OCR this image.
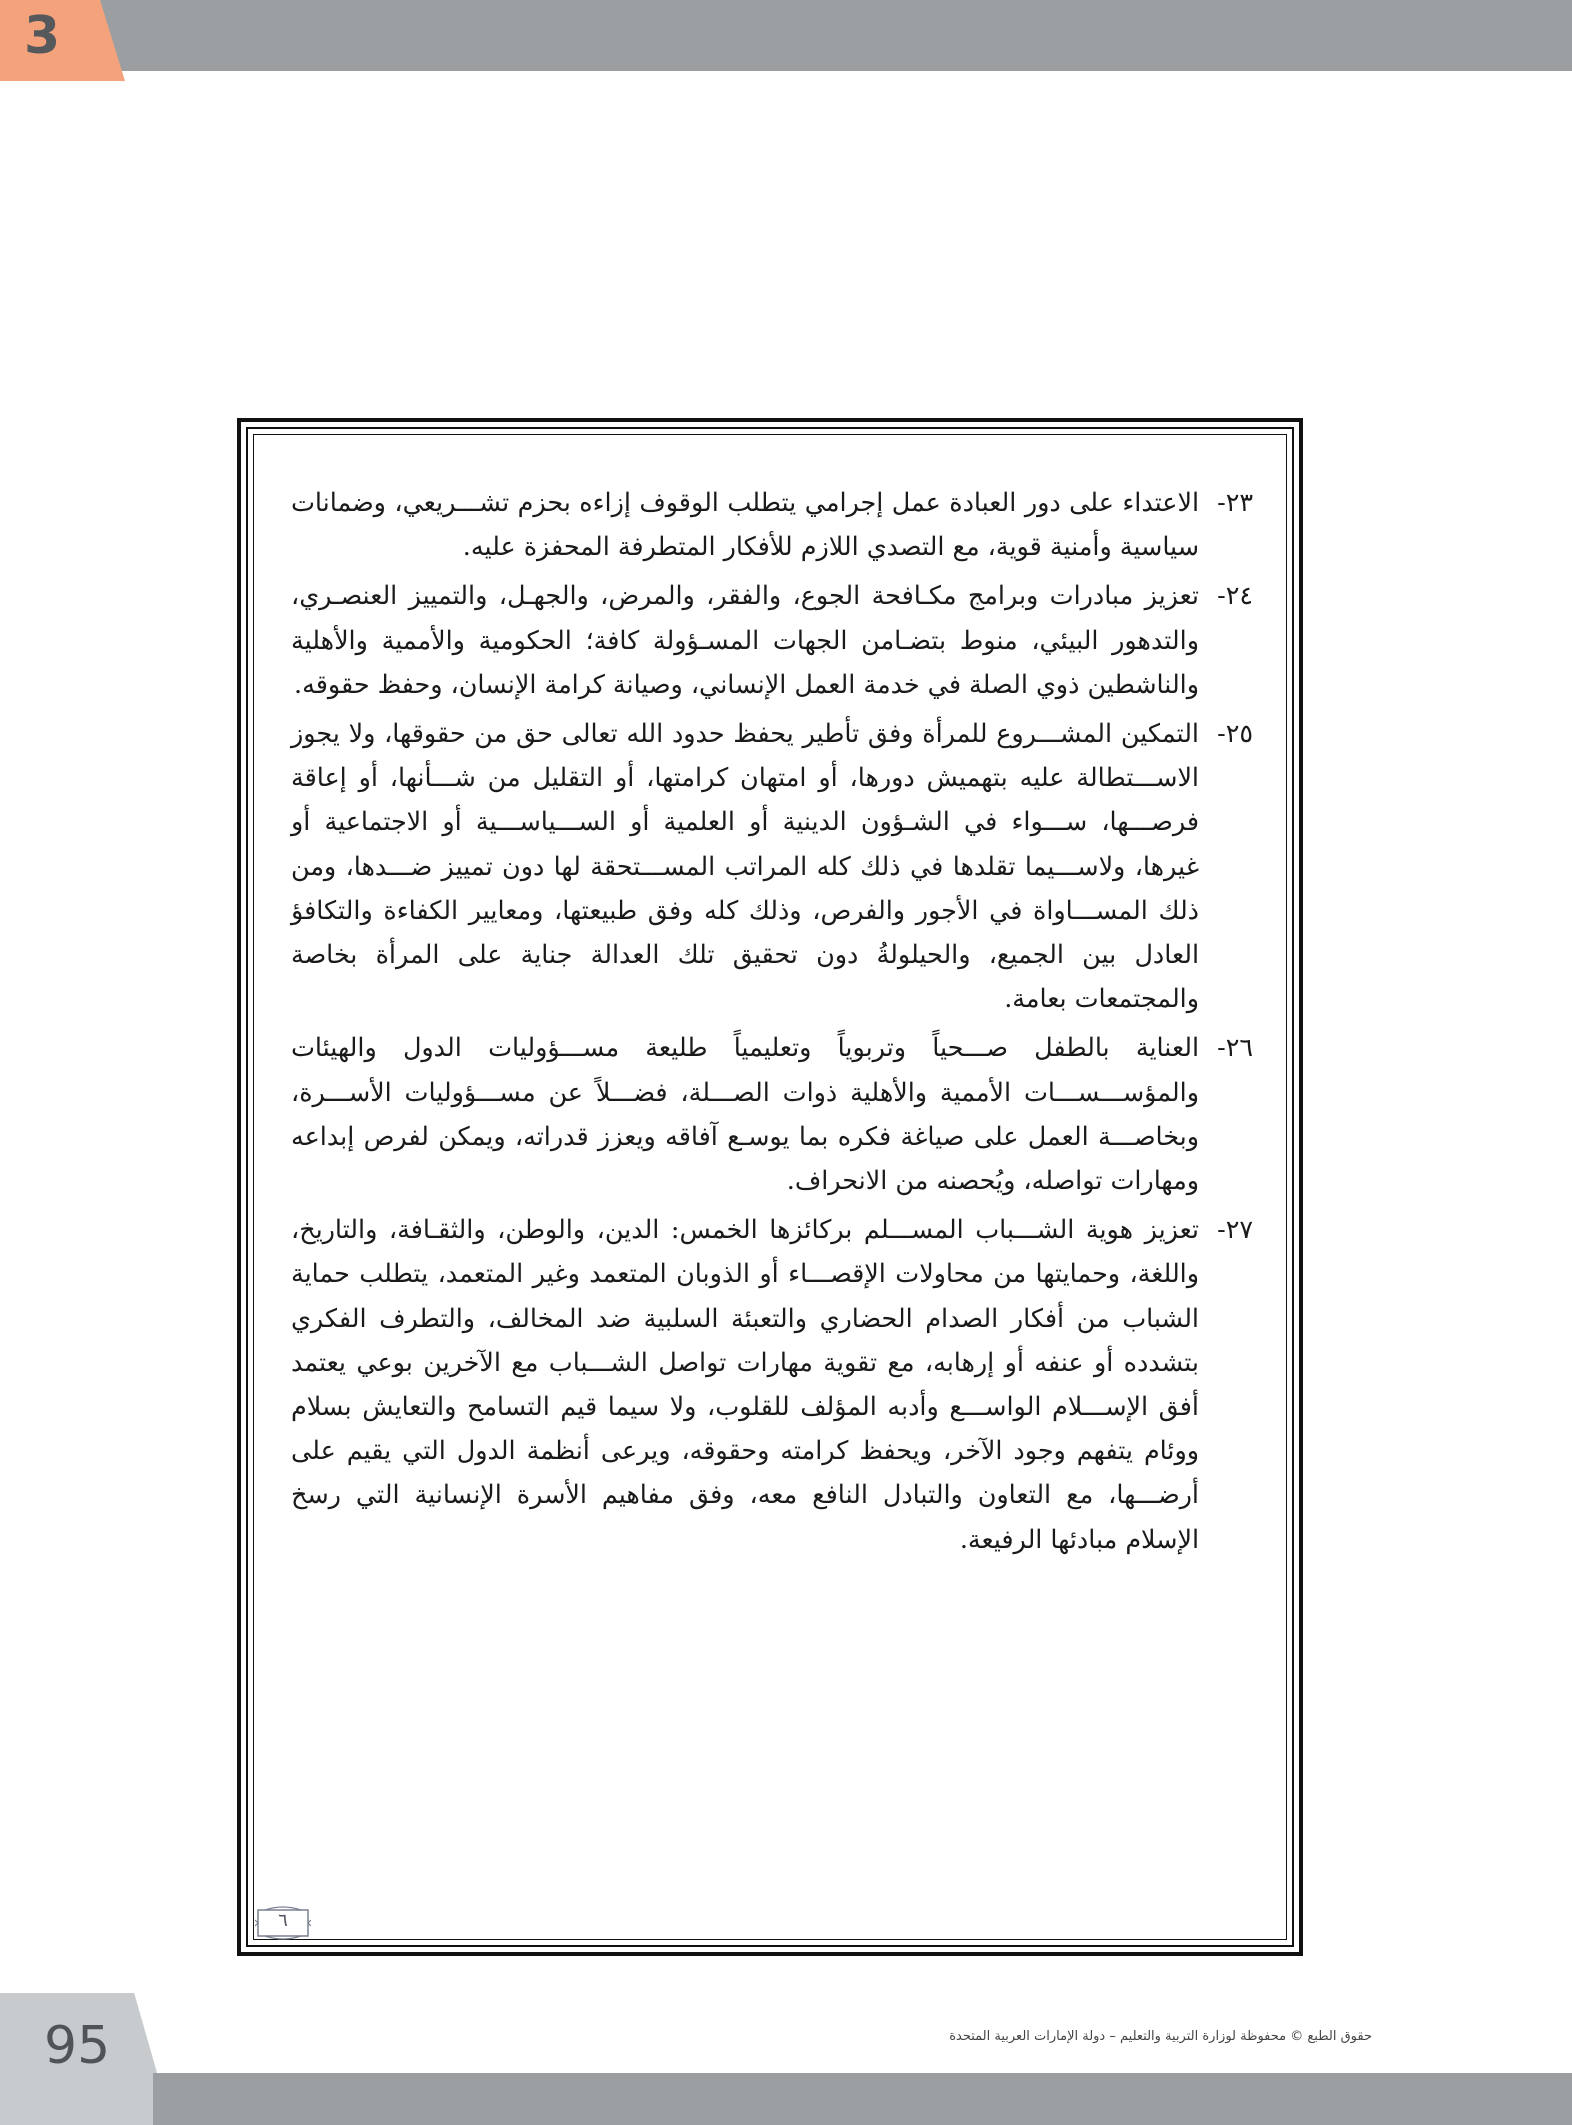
3
٢٣-
الاعتداء على دور العبادة عمل إجرامي يتطلب الوقوف إزاءه بحزم تشـــريعي، وضمانات سياسية وأمنية قوية، مع التصدي اللازم للأفكار المتطرفة المحفزة عليه.
٢٤-
تعزيز مبادرات وبرامج مكـافحة الجوع، والفقر، والمرض، والجهـل، والتمييز العنصـري، والتدهور البيئي، منوط بتضـامن الجهات المسـؤولة كافة؛ الحكومية والأممية والأهلية والناشطين ذوي الصلة في خدمة العمل الإنساني، وصيانة كرامة الإنسان، وحفظ حقوقه.
٢٥-
التمكين المشـــروع للمرأة وفق تأطير يحفظ حدود الله تعالى حق من حقوقها، ولا يجوز الاســـتطالة عليه بتهميش دورها، أو امتهان كرامتها، أو التقليل من شـــأنها، أو إعاقة فرصـــها، ســـواء في الشـؤون الدينية أو العلمية أو الســـياســـية أو الاجتماعية أو غيرها، ولاســـيما تقلدها في ذلك كله المراتب المســـتحقة لها دون تمييز ضـــدها، ومن ذلك المســـاواة في الأجور والفرص، وذلك كله وفق طبيعتها، ومعايير الكفاءة والتكافؤ العادل بين الجميع، والحيلولةُ دون تحقيق تلك العدالة جناية على المرأة بخاصة والمجتمعات بعامة.
٢٦-
العناية بالطفل صـــحياً وتربوياً وتعليمياً طليعة مســـؤوليات الدول والهيئات والمؤســـســـات الأممية والأهلية ذوات الصـــلة، فضـــلاً عن مســـؤوليات الأســـرة، وبخاصـــة العمل على صياغة فكره بما يوسـع آفاقه ويعزز قدراته، ويمكن لفرص إبداعه ومهارات تواصله، ويُحصنه من الانحراف.
٢٧-
تعزيز هوية الشـــباب المســـلم بركائزها الخمس: الدين، والوطن، والثقـافة، والتاريخ، واللغة، وحمايتها من محاولات الإقصـــاء أو الذوبان المتعمد وغير المتعمد، يتطلب حماية الشباب من أفكار الصدام الحضاري والتعبئة السلبية ضد المخالف، والتطرف الفكري بتشدده أو عنفه أو إرهابه، مع تقوية مهارات تواصل الشـــباب مع الآخرين بوعي يعتمد أفق الإســـلام الواســـع وأدبه المؤلف للقلوب، ولا سيما قيم التسامح والتعايش بسلام ووئام يتفهم وجود الآخر، ويحفظ كرامته وحقوقه، ويرعى أنظمة الدول التي يقيم على أرضـــها، مع التعاون والتبادل النافع معه، وفق مفاهيم الأسرة الإنسانية التي رسخ الإسلام مبادئها الرفيعة.
٦
95	حقوق الطبع © محفوظة لوزارة التربية والتعليم – دولة الإمارات العربية المتحدة
